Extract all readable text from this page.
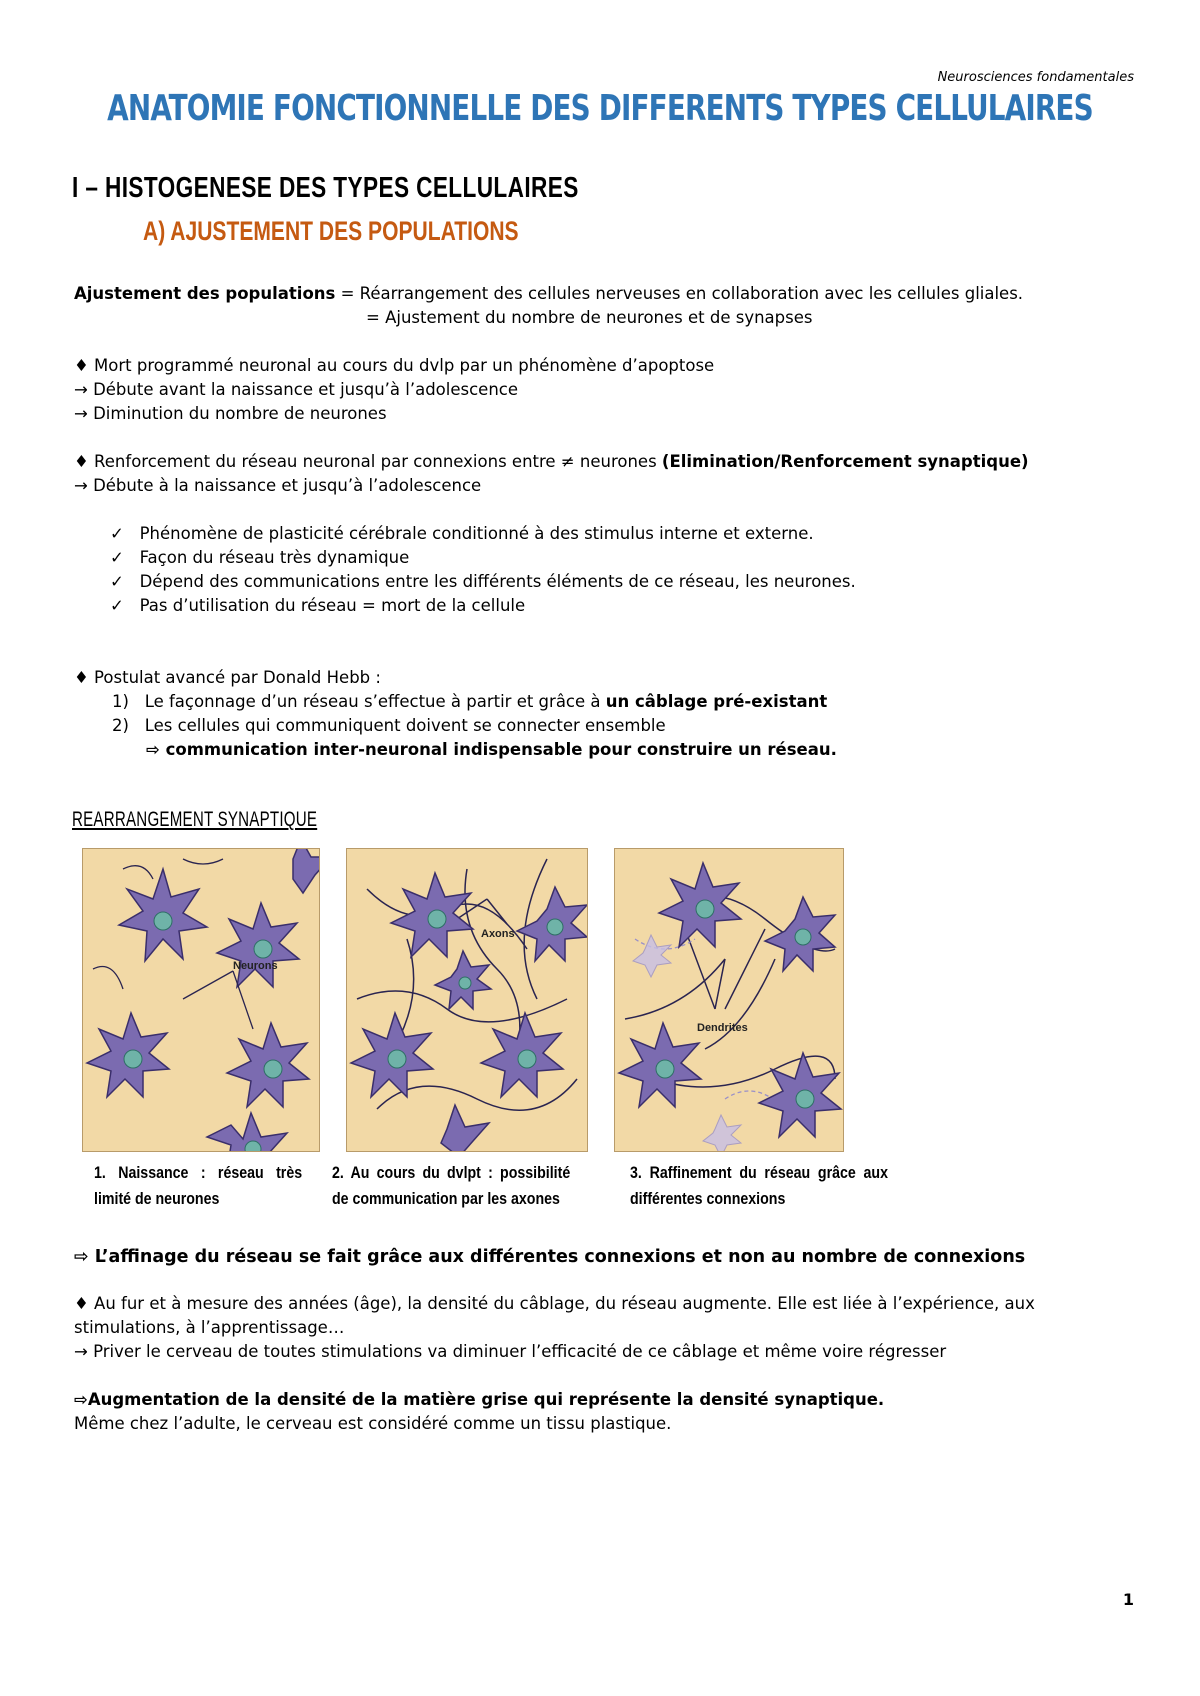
Neurosciences fondamentales
ANATOMIE FONCTIONNELLE DES DIFFERENTS TYPES CELLULAIRES
I – HISTOGENESE DES TYPES CELLULAIRES
A) AJUSTEMENT DES POPULATIONS
Ajustement des populations = Réarrangement des cellules nerveuses en collaboration avec les cellules gliales.
= Ajustement du nombre de neurones et de synapses
♦ Mort programmé neuronal au cours du dvlp par un phénomène d’apoptose
→ Débute avant la naissance et jusqu’à l’adolescence
→ Diminution du nombre de neurones
♦ Renforcement du réseau neuronal par connexions entre ≠ neurones (Elimination/Renforcement synaptique)
→ Débute à la naissance et jusqu’à l’adolescence
✓ Phénomène de plasticité cérébrale conditionné à des stimulus interne et externe.
✓ Façon du réseau très dynamique
✓ Dépend des communications entre les différents éléments de ce réseau, les neurones.
✓ Pas d’utilisation du réseau = mort de la cellule
♦ Postulat avancé par Donald Hebb :
1) Le façonnage d’un réseau s’effectue à partir et grâce à un câblage pré-existant
2) Les cellules qui communiquent doivent se connecter ensemble
⇨ communication inter-neuronal indispensable pour construire un réseau.
REARRANGEMENT SYNAPTIQUE
Neurons
Axons
Dendrites
1. Naissance : réseau très limité de neurones
2. Au cours du dvlpt : possibilité de communication par les axones
3. Raffinement du réseau grâce aux différentes connexions
⇨ L’affinage du réseau se fait grâce aux différentes connexions et non au nombre de connexions
♦ Au fur et à mesure des années (âge), la densité du câblage, du réseau augmente. Elle est liée à l’expérience, aux
stimulations, à l’apprentissage…
→ Priver le cerveau de toutes stimulations va diminuer l’efficacité de ce câblage et même voire régresser
⇨Augmentation de la densité de la matière grise qui représente la densité synaptique.
Même chez l’adulte, le cerveau est considéré comme un tissu plastique.
1
